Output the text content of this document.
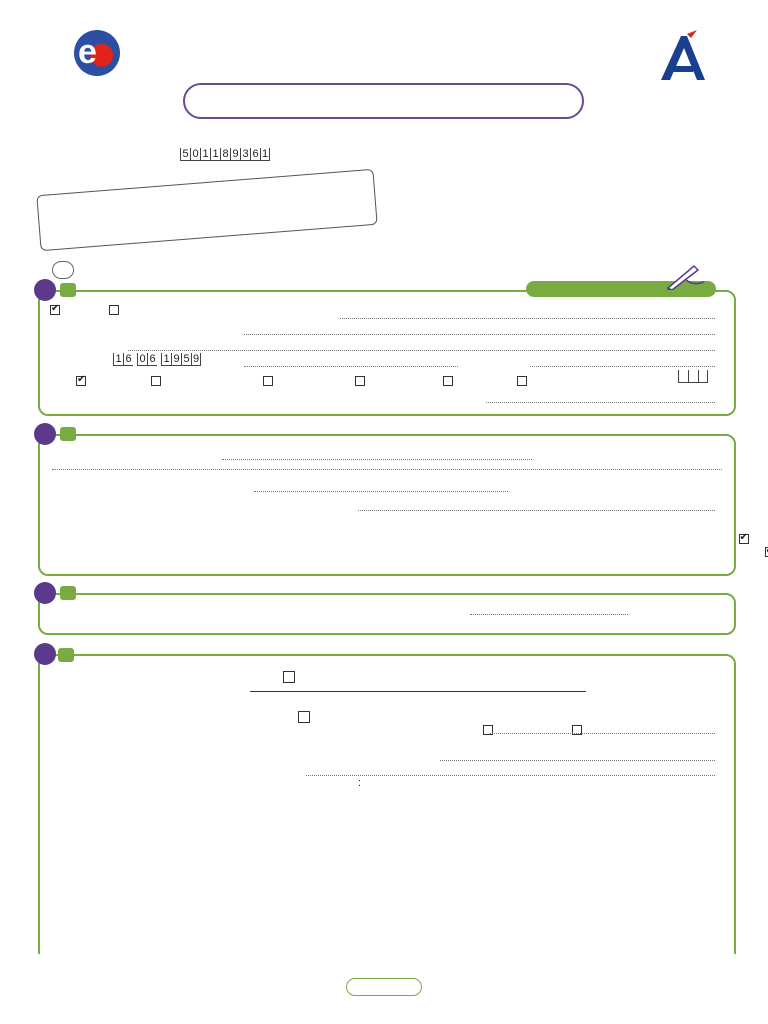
e
5 0 1 1 8 9 3 6 1
✔

1 6 0 6 1 9 5 9
✔

✔

✔

:
